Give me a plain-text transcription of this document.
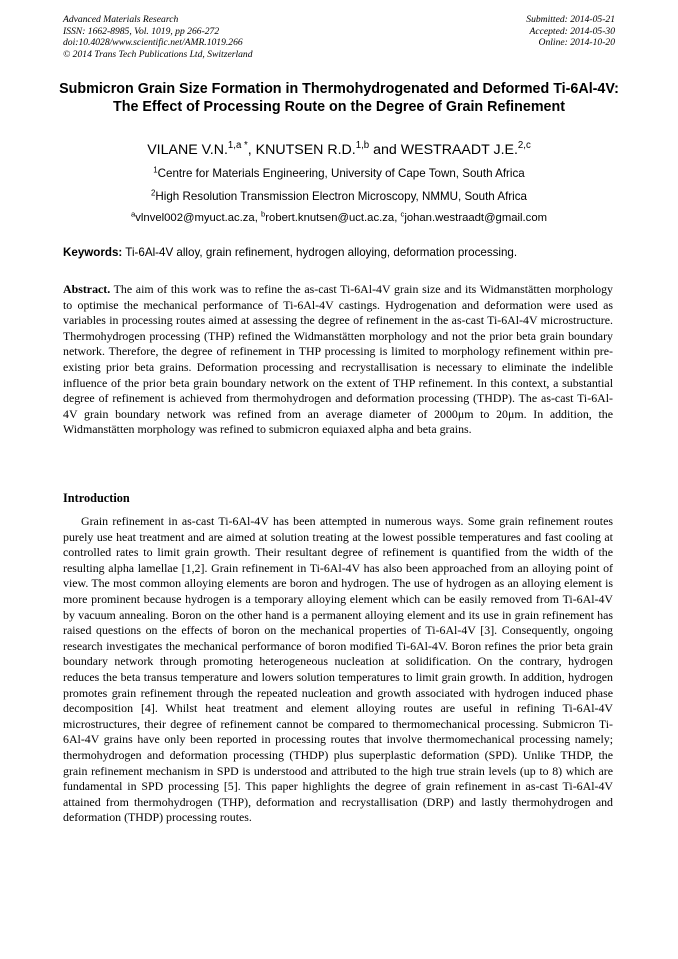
Advanced Materials Research
ISSN: 1662-8985, Vol. 1019, pp 266-272
doi:10.4028/www.scientific.net/AMR.1019.266
© 2014 Trans Tech Publications Ltd, Switzerland
Submitted: 2014-05-21
Accepted: 2014-05-30
Online: 2014-10-20
Submicron Grain Size Formation in Thermohydrogenated and Deformed Ti-6Al-4V: The Effect of Processing Route on the Degree of Grain Refinement
VILANE V.N.$^{1,a *}$, KNUTSEN R.D.$^{1,b}$ and WESTRAADT J.E.$^{2,c}$
$^1$Centre for Materials Engineering, University of Cape Town, South Africa
$^2$High Resolution Transmission Electron Microscopy, NMMU, South Africa
$^a$vlnvel002@myuct.ac.za, $^b$robert.knutsen@uct.ac.za, $^c$johan.westraadt@gmail.com
Keywords: Ti-6Al-4V alloy, grain refinement, hydrogen alloying, deformation processing.

Abstract. The aim of this work was to refine the as-cast Ti-6Al-4V grain size and its Widmanstätten morphology to optimise the mechanical performance of Ti-6Al-4V castings. Hydrogenation and deformation were used as variables in processing routes aimed at assessing the degree of refinement in the as-cast Ti-6Al-4V microstructure. Thermohydrogen processing (THP) refined the Widmanstätten morphology and not the prior beta grain boundary network. Therefore, the degree of refinement in THP processing is limited to morphology refinement within pre-existing prior beta grains. Deformation processing and recrystallisation is necessary to eliminate the indelible influence of the prior beta grain boundary network on the extent of THP refinement. In this context, a substantial degree of refinement is achieved from thermohydrogen and deformation processing (THDP). The as-cast Ti-6Al-4V grain boundary network was refined from an average diameter of 2000μm to 20μm. In addition, the Widmanstätten morphology was refined to submicron equiaxed alpha and beta grains.

Introduction

Grain refinement in as-cast Ti-6Al-4V has been attempted in numerous ways. Some grain refinement routes purely use heat treatment and are aimed at solution treating at the lowest possible temperatures and fast cooling at controlled rates to limit grain growth. Their resultant degree of refinement is quantified from the width of the resulting alpha lamellae [1,2]. Grain refinement in Ti-6Al-4V has also been approached from an alloying point of view. The most common alloying elements are boron and hydrogen. The use of hydrogen as an alloying element is more prominent because hydrogen is a temporary alloying element which can be easily removed from Ti-6Al-4V by vacuum annealing. Boron on the other hand is a permanent alloying element and its use in grain refinement has raised questions on the effects of boron on the mechanical properties of Ti-6Al-4V [3]. Consequently, ongoing research investigates the mechanical performance of boron modified Ti-6Al-4V. Boron refines the prior beta grain boundary network through promoting heterogeneous nucleation at solidification. On the contrary, hydrogen reduces the beta transus temperature and lowers solution temperatures to limit grain growth. In addition, hydrogen promotes grain refinement through the repeated nucleation and growth associated with hydrogen induced phase decomposition [4]. Whilst heat treatment and element alloying routes are useful in refining Ti-6Al-4V microstructures, their degree of refinement cannot be compared to thermomechanical processing. Submicron Ti-6Al-4V grains have only been reported in processing routes that involve thermomechanical processing namely; thermohydrogen and deformation processing (THDP) plus superplastic deformation (SPD). Unlike THDP, the grain refinement mechanism in SPD is understood and attributed to the high true strain levels (up to 8) which are fundamental in SPD processing [5]. This paper highlights the degree of grain refinement in as-cast Ti-6Al-4V attained from thermohydrogen (THP), deformation and recrystallisation (DRP) and lastly thermohydrogen and deformation (THDP) processing routes.
